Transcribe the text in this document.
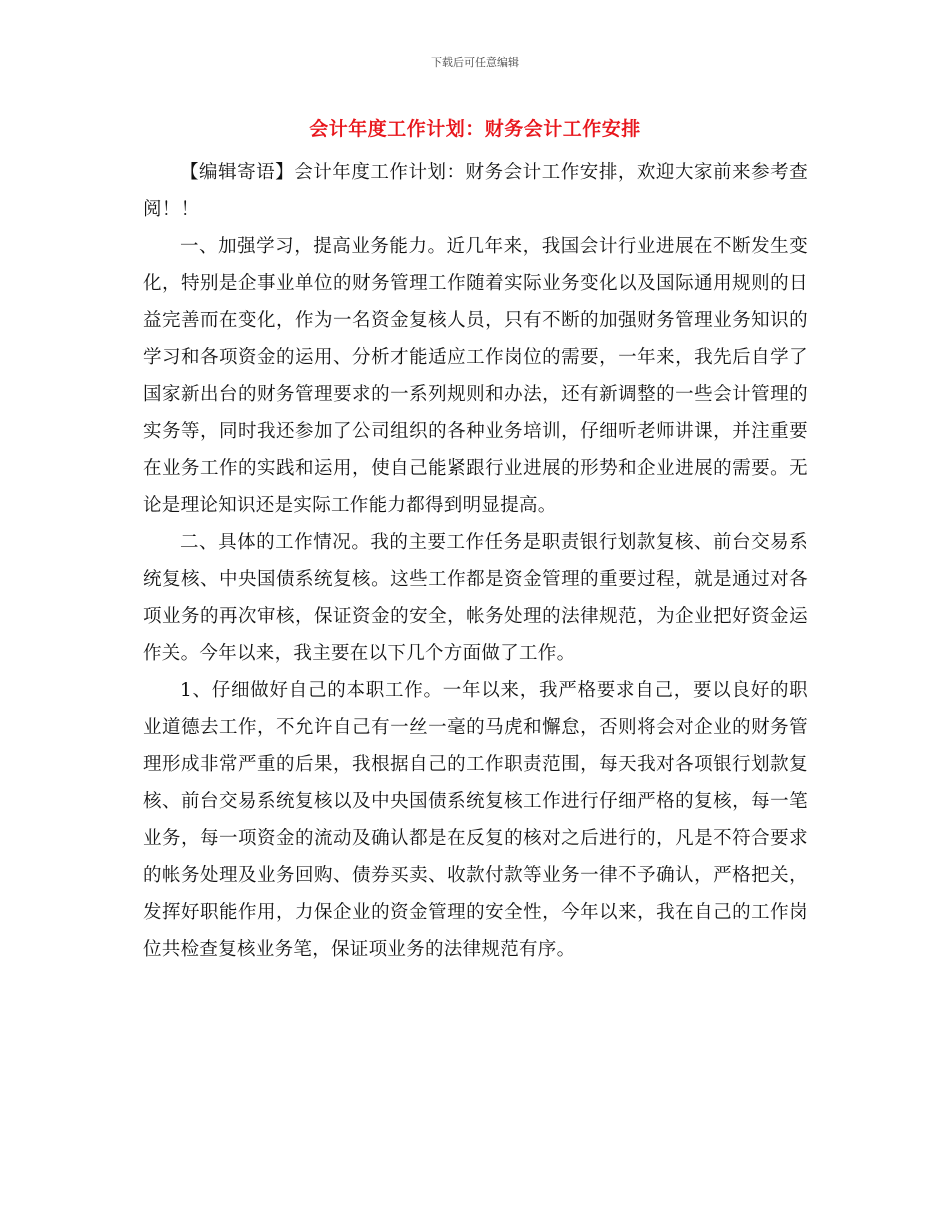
下载后可任意编辑
会计年度工作计划：财务会计工作安排

【编辑寄语】会计年度工作计划：财务会计工作安排，欢迎大家前来参考查阅！！

一、加强学习，提高业务能力。近几年来，我国会计行业进展在不断发生变化，特别是企事业单位的财务管理工作随着实际业务变化以及国际通用规则的日益完善而在变化，作为一名资金复核人员，只有不断的加强财务管理业务知识的学习和各项资金的运用、分析才能适应工作岗位的需要，一年来，我先后自学了国家新出台的财务管理要求的一系列规则和办法，还有新调整的一些会计管理的实务等，同时我还参加了公司组织的各种业务培训，仔细听老师讲课，并注重要在业务工作的实践和运用，使自己能紧跟行业进展的形势和企业进展的需要。无论是理论知识还是实际工作能力都得到明显提高。

二、具体的工作情况。我的主要工作任务是职责银行划款复核、前台交易系统复核、中央国债系统复核。这些工作都是资金管理的重要过程，就是通过对各项业务的再次审核，保证资金的安全，帐务处理的法律规范，为企业把好资金运作关。今年以来，我主要在以下几个方面做了工作。

1、仔细做好自己的本职工作。一年以来，我严格要求自己，要以良好的职业道德去工作，不允许自己有一丝一毫的马虎和懈怠，否则将会对企业的财务管理形成非常严重的后果，我根据自己的工作职责范围，每天我对各项银行划款复核、前台交易系统复核以及中央国债系统复核工作进行仔细严格的复核，每一笔业务，每一项资金的流动及确认都是在反复的核对之后进行的，凡是不符合要求的帐务处理及业务回购、债券买卖、收款付款等业务一律不予确认，严格把关，发挥好职能作用，力保企业的资金管理的安全性，今年以来，我在自己的工作岗位共检查复核业务笔，保证项业务的法律规范有序。
